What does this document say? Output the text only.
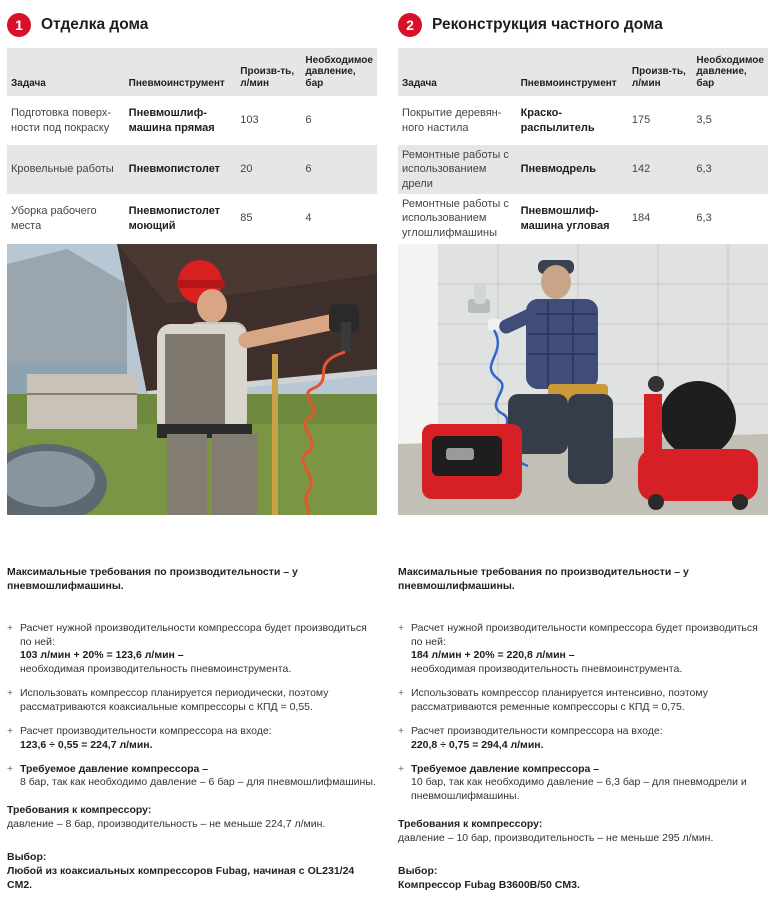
1	Отделка дома
Задача	Пневмоинструмент	Произв-ть, л/мин	Необходимое давление, бар
Подготовка поверхности под покраску	Пневмошлифмашина прямая	103	6
Кровельные работы	Пневмопистолет	20	6
Уборка рабочего места	Пневмопистолет моющий	85	4
Максимальные требования по производительности – у пневмошлифмашины.
+ Расчет нужной производительности компрессора будет производиться по ней:
103 л/мин + 20% = 123,6 л/мин –
необходимая производительность пневмоинструмента.
+ Использовать компрессор планируется периодически, поэтому рассматриваются коаксиальные компрессоры с КПД = 0,55.
+ Расчет производительности компрессора на входе:
123,6 ÷ 0,55 = 224,7 л/мин.
+ Требуемое давление компрессора –
8 бар, так как необходимо давление – 6 бар – для пневмошлифмашины.
Требования к компрессору:
давление – 8 бар, производительность – не меньше 224,7 л/мин.
Выбор:
Любой из коаксиальных компрессоров Fubag, начиная с OL231/24 CM2.
2	Реконструкция частного дома
Задача	Пневмоинструмент	Произв-ть, л/мин	Необходимое давление, бар
Покрытие деревянного настила	Краскораспылитель	175	3,5
Ремонтные работы с использованием дрели	Пневмодрель	142	6,3
Ремонтные работы с использованием углошлифмашины	Пневмошлифмашина угловая	184	6,3
Максимальные требования по производительности – у пневмошлифмашины.
+ Расчет нужной производительности компрессора будет производиться по ней:
184 л/мин + 20% = 220,8 л/мин –
необходимая производительность пневмоинструмента.
+ Использовать компрессор планируется интенсивно, поэтому рассматриваются ременные компрессоры с КПД = 0,75.
+ Расчет производительности компрессора на входе:
220,8 ÷ 0,75 = 294,4 л/мин.
+ Требуемое давление компрессора –
10 бар, так как необходимо давление – 6,3 бар – для пневмодрели и пневмошлифмашины.
Требования к компрессору:
давление – 10 бар, производительность – не меньше 295 л/мин.
Выбор:
Компрессор Fubag B3600B/50 CM3.
